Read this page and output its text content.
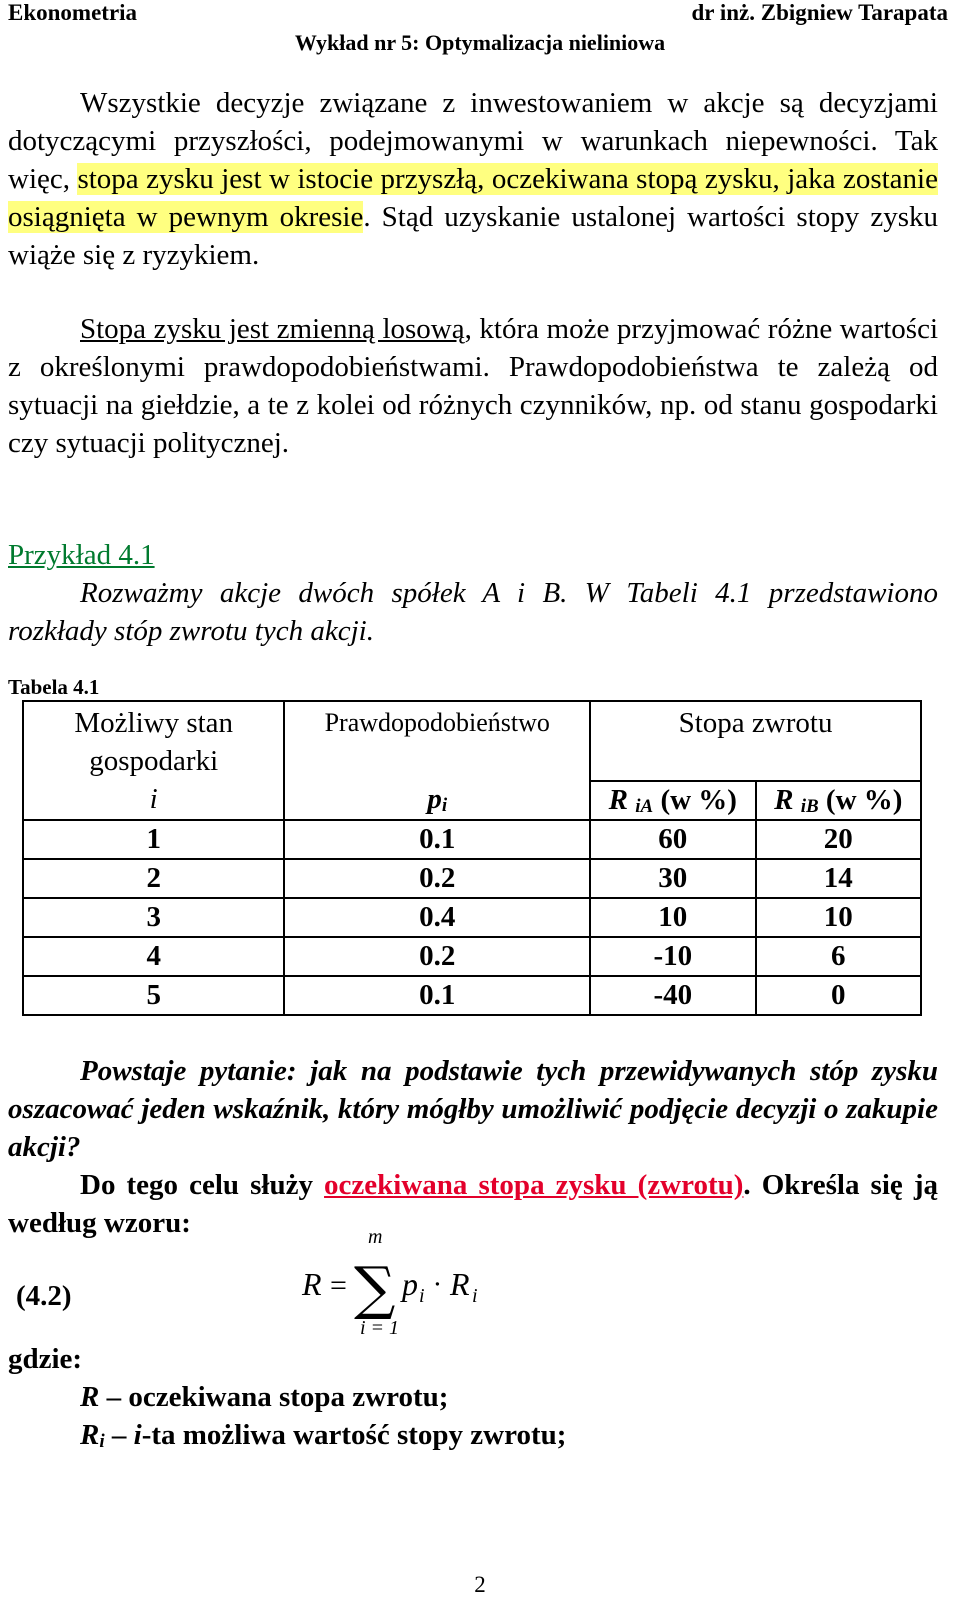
Ekonometria	dr inż. Zbigniew Tarapata
Wykład nr 5: Optymalizacja nieliniowa
Wszystkie decyzje związane z inwestowaniem w akcje są decyzjami dotyczącymi przyszłości, podejmowanymi w warunkach niepewności. Tak więc, stopa zysku jest w istocie przyszłą, oczekiwana stopą zysku, jaka zostanie osiągnięta w pewnym okresie. Stąd uzyskanie ustalonej wartości stopy zysku wiąże się z ryzykiem.
Stopa zysku jest zmienną losową, która może przyjmować różne wartości z określonymi prawdopodobieństwami. Prawdopodobieństwa te zależą od sytuacji na giełdzie, a te z kolei od różnych czynników, np. od stanu gospodarki czy sytuacji politycznej.
Przykład 4.1
Rozważmy akcje dwóch spółek A i B. W Tabeli 4.1 przedstawiono rozkłady stóp zwrotu tych akcji.
Tabela 4.1
Możliwy stan
gospodarki	Prawdopodobieństwo	Stopa zwrotu	
i	$p_i$	R $_{iA}$ (w %)	R $_{iB}$ (w %)
1	0.1	60	20
2	0.2	30	14
3	0.4	10	10
4	0.2	-10	6
5	0.1	-40	0
Powstaje pytanie: jak na podstawie tych przewidywanych stóp zysku oszacować jeden wskaźnik, który mógłby umożliwić podjęcie decyzji o zakupie akcji?
Do tego celu służy oczekiwana stopa zysku (zwrotu). Określa się ją według wzoru:
(4.2)	R =
m
∑
i = 1
p i ⋅ R i
gdzie:
R – oczekiwana stopa zwrotu;
$R_i - i-ta$ możliwa wartość stopy zwrotu;
2
